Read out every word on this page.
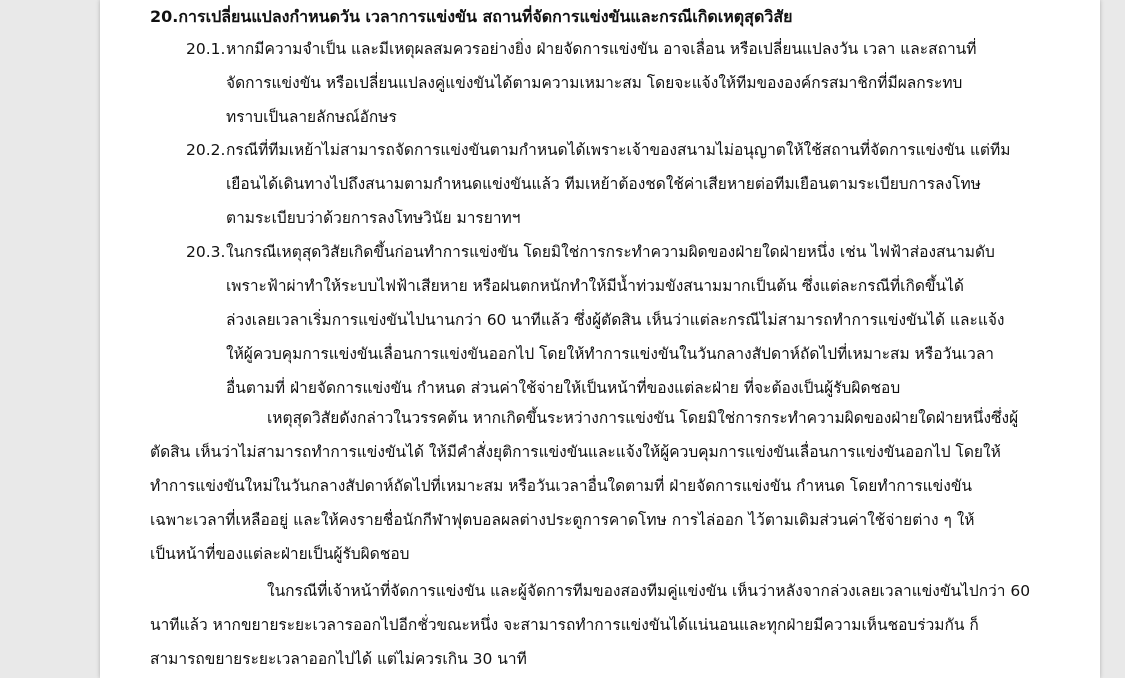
20.การเปลี่ยนแปลงกำหนดวัน เวลาการแข่งขัน สถานที่จัดการแข่งขันและกรณีเกิดเหตุสุดวิสัย
20.1. หากมีความจำเป็น และมีเหตุผลสมควรอย่างยิ่ง ฝ่ายจัดการแข่งขัน อาจเลื่อน หรือเปลี่ยนแปลงวัน เวลา และสถานที่
จัดการแข่งขัน หรือเปลี่ยนแปลงคู่แข่งขันได้ตามความเหมาะสม โดยจะแจ้งให้ทีมขององค์กรสมาชิกที่มีผลกระทบ
ทราบเป็นลายลักษณ์อักษร
20.2. กรณีที่ทีมเหย้าไม่สามารถจัดการแข่งขันตามกำหนดได้เพราะเจ้าของสนามไม่อนุญาตให้ใช้สถานที่จัดการแข่งขัน แต่ทีม
เยือนได้เดินทางไปถึงสนามตามกำหนดแข่งขันแล้ว ทีมเหย้าต้องชดใช้ค่าเสียหายต่อทีมเยือนตามระเบียบการลงโทษ
ตามระเบียบว่าด้วยการลงโทษวินัย มารยาทฯ
20.3. ในกรณีเหตุสุดวิสัยเกิดขึ้นก่อนทำการแข่งขัน โดยมิใช่การกระทำความผิดของฝ่ายใดฝ่ายหนึ่ง เช่น ไฟฟ้าส่องสนามดับ
เพราะฟ้าผ่าทำให้ระบบไฟฟ้าเสียหาย หรือฝนตกหนักทำให้มีน้ำท่วมขังสนามมากเป็นต้น ซึ่งแต่ละกรณีที่เกิดขึ้นได้
ล่วงเลยเวลาเริ่มการแข่งขันไปนานกว่า 60 นาทีแล้ว ซึ่งผู้ตัดสิน เห็นว่าแต่ละกรณีไม่สามารถทำการแข่งขันได้ และแจ้ง
ให้ผู้ควบคุมการแข่งขันเลื่อนการแข่งขันออกไป โดยให้ทำการแข่งขันในวันกลางสัปดาห์ถัดไปที่เหมาะสม หรือวันเวลา
อื่นตามที่ ฝ่ายจัดการแข่งขัน กำหนด ส่วนค่าใช้จ่ายให้เป็นหน้าที่ของแต่ละฝ่าย ที่จะต้องเป็นผู้รับผิดชอบ
เหตุสุดวิสัยดังกล่าวในวรรคต้น หากเกิดขึ้นระหว่างการแข่งขัน โดยมิใช่การกระทำความผิดของฝ่ายใดฝ่ายหนึ่งซึ่งผู้
ตัดสิน เห็นว่าไม่สามารถทำการแข่งขันได้ ให้มีคำสั่งยุติการแข่งขันและแจ้งให้ผู้ควบคุมการแข่งขันเลื่อนการแข่งขันออกไป โดยให้
ทำการแข่งขันใหม่ในวันกลางสัปดาห์ถัดไปที่เหมาะสม หรือวันเวลาอื่นใดตามที่ ฝ่ายจัดการแข่งขัน กำหนด โดยทำการแข่งขัน
เฉพาะเวลาที่เหลืออยู่ และให้คงรายชื่อนักกีฬาฟุตบอลผลต่างประตูการคาดโทษ การไล่ออก ไว้ตามเดิมส่วนค่าใช้จ่ายต่าง ๆ ให้
เป็นหน้าที่ของแต่ละฝ่ายเป็นผู้รับผิดชอบ
ในกรณีที่เจ้าหน้าที่จัดการแข่งขัน และผู้จัดการทีมของสองทีมคู่แข่งขัน เห็นว่าหลังจากล่วงเลยเวลาแข่งขันไปกว่า 60
นาทีแล้ว หากขยายระยะเวลารออกไปอีกชั่วขณะหนึ่ง จะสามารถทำการแข่งขันได้แน่นอนและทุกฝ่ายมีความเห็นชอบร่วมกัน ก็
สามารถขยายระยะเวลาออกไปได้ แต่ไม่ควรเกิน 30 นาที
